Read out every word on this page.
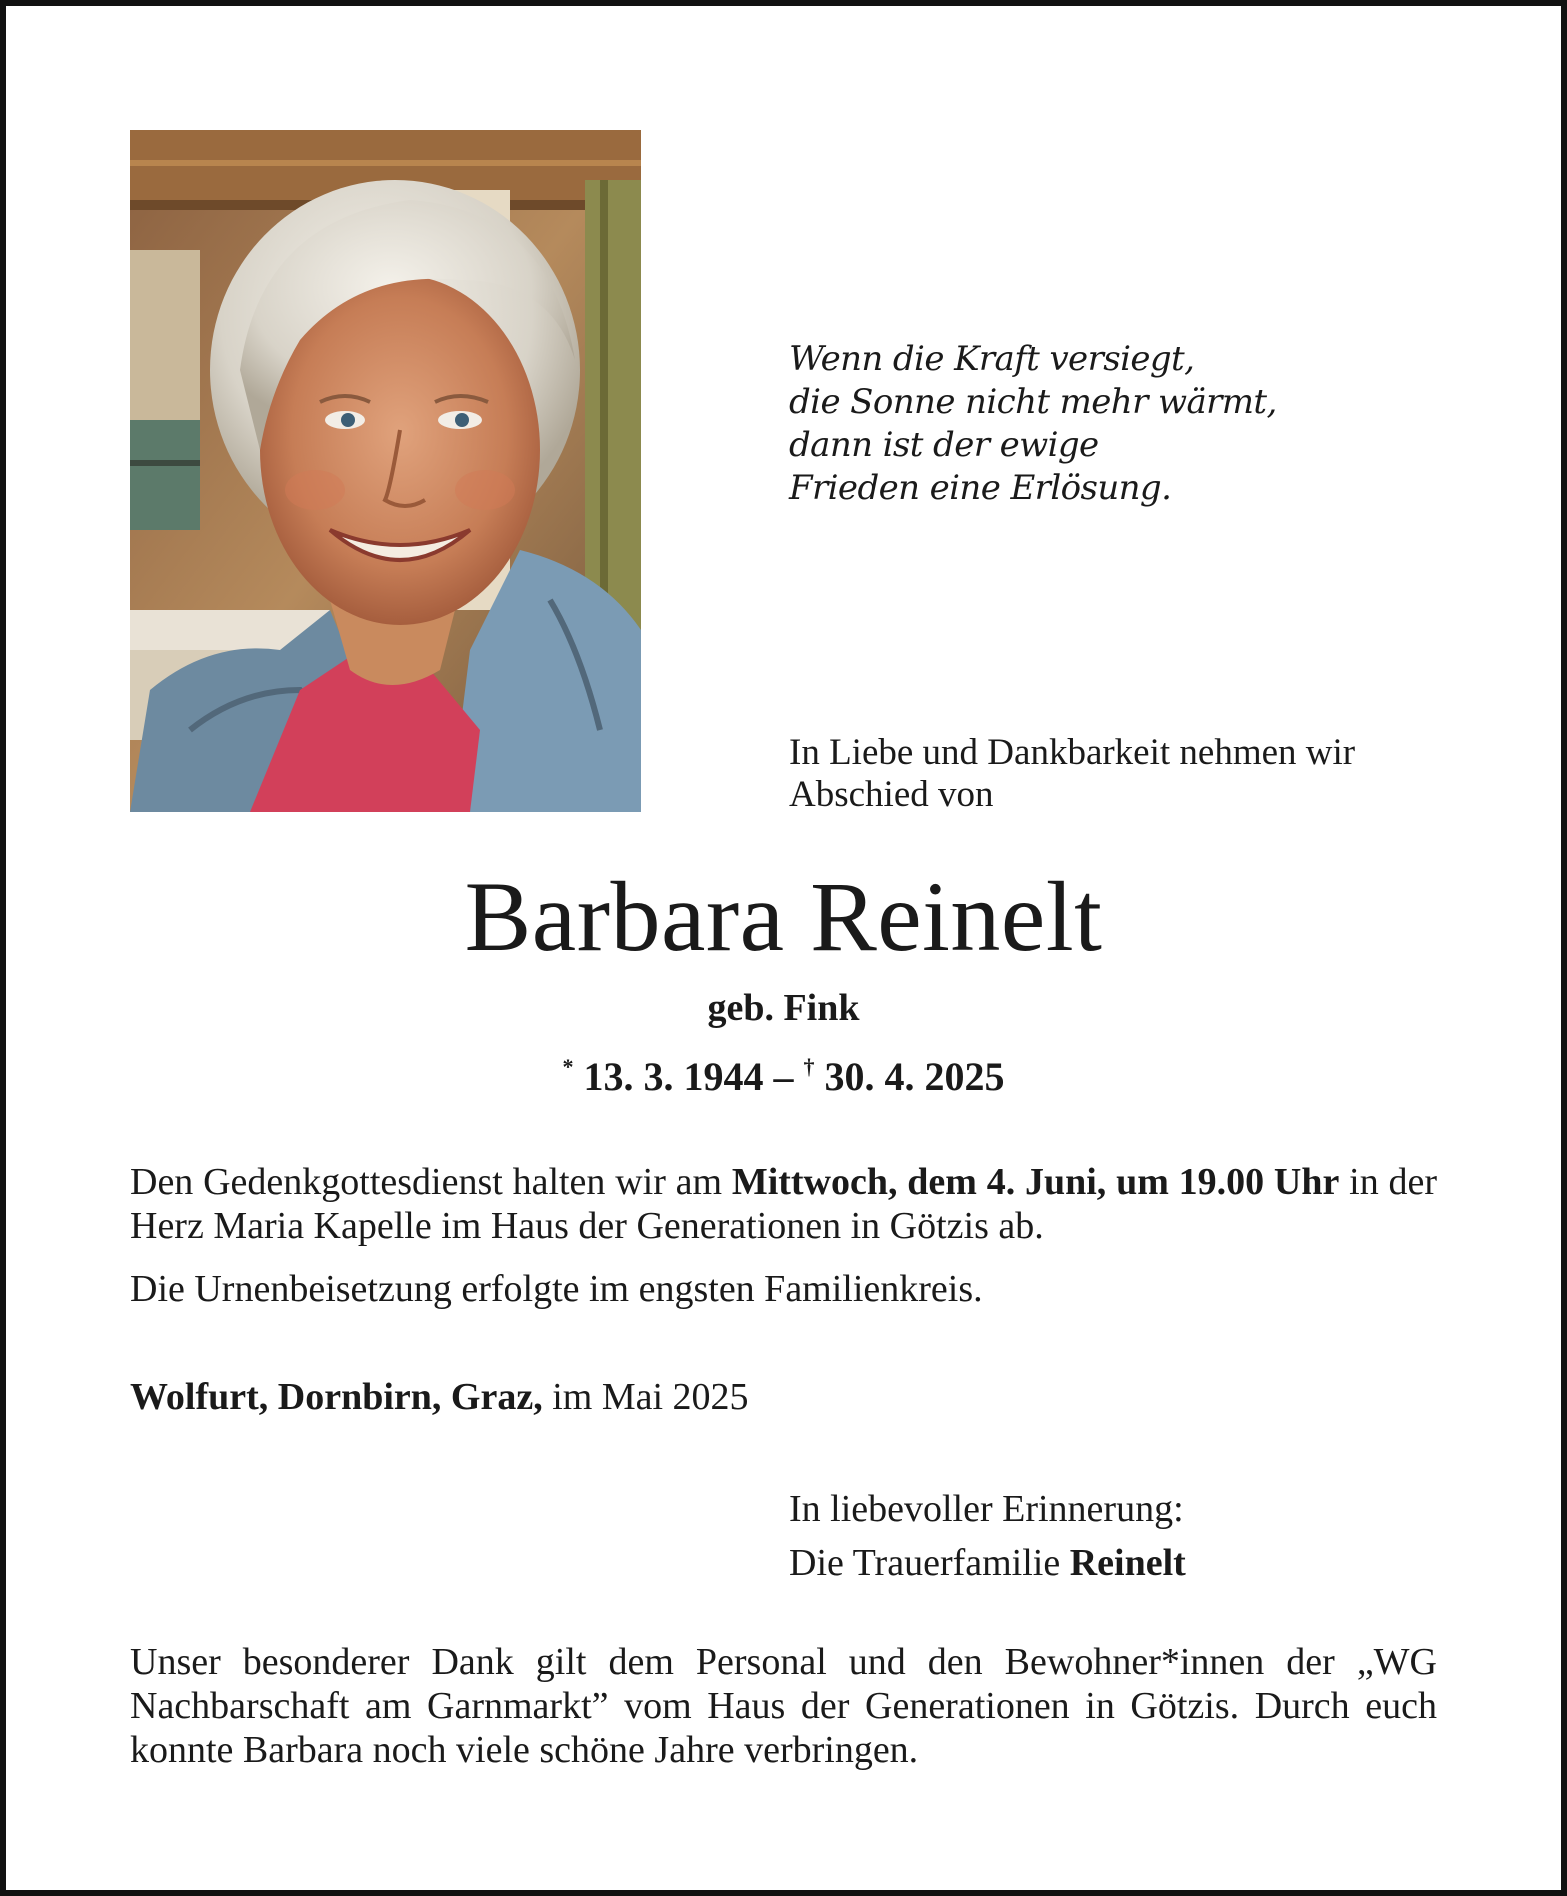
Wenn die Kraft versiegt,
die Sonne nicht mehr wärmt,
dann ist der ewige
Frieden eine Erlösung.
In Liebe und Dankbarkeit nehmen wir
Abschied von
Barbara Reinelt
geb. Fink
* 13. 3. 1944 – † 30. 4. 2025
Den Gedenkgottesdienst halten wir am Mittwoch, dem 4. Juni, um 19.00 Uhr in der Herz Maria Kapelle im Haus der Generationen in Götzis ab.
Die Urnenbeisetzung erfolgte im engsten Familienkreis.
Wolfurt, Dornbirn, Graz, im Mai 2025
In liebevoller Erinnerung:
Die Trauerfamilie Reinelt
Unser besonderer Dank gilt dem Personal und den Bewohner*innen der „WG Nachbarschaft am Garnmarkt” vom Haus der Generationen in Götzis. Durch euch konnte Barbara noch viele schöne Jahre verbringen.
